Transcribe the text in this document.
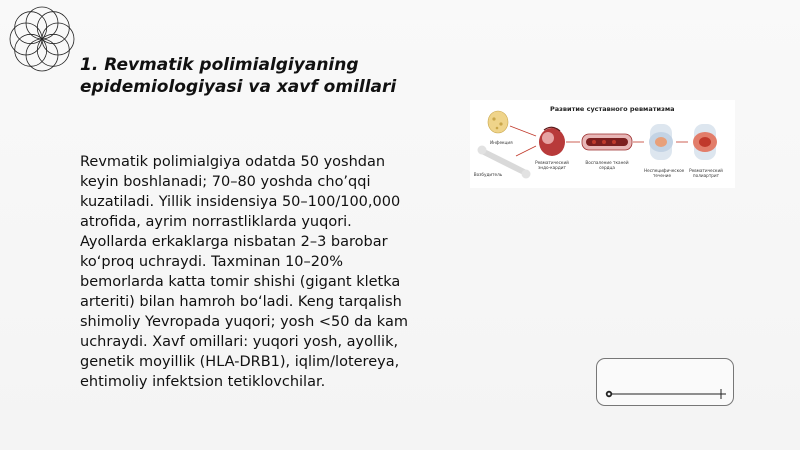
1. Revmatik polimialgiyaning epidemiologiyasi va xavf omillari

Revmatik polimialgiya odatda 50 yoshdan keyin boshlanadi; 70–80 yoshda cho’qqi kuzatiladi. Yillik insidensiya 50–100/100,000 atrofida, ayrim norrastliklarda yuqori. Ayollarda erkaklarga nisbatan 2–3 barobar ko‘proq uchraydi. Taxminan 10–20% bemorlarda katta tomir shishi (gigant kletka arteriti) bilan hamroh bo‘ladi. Keng tarqalish shimoliy Yevropada yuqori; yosh <50 da kam uchraydi. Xavf omillari: yuqori yosh, ayollik, genetik moyillik (HLA-DRB1), iqlim/lotereya, ehtimoliy infektsion tetiklovchilar.

Развитие суставного ревматизма
Инфекция
Возбудитель
Ревматический эндо-кардит
Воспаление тканей сердца
Неспецифическое течение
Ревматический полиартрит
